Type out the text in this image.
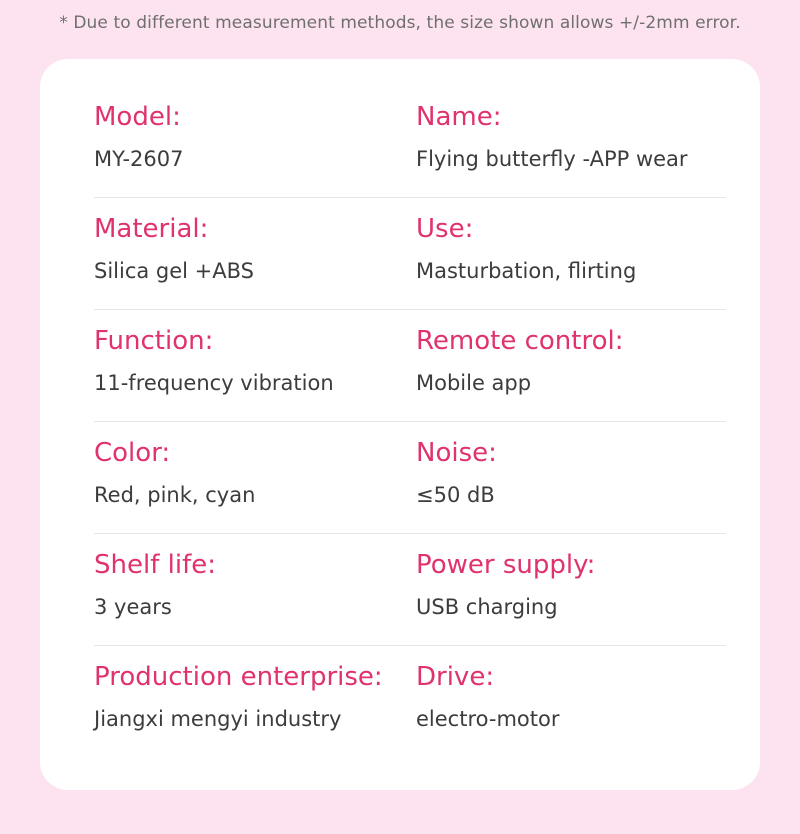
* Due to different measurement methods, the size shown allows +/-2mm error.
Model:
MY-2607
Name:
Flying butterfly -APP wear
Material:
Silica gel +ABS
Use:
Masturbation, flirting
Function:
11-frequency vibration
Remote control:
Mobile app
Color:
Red, pink, cyan
Noise:
≤50 dB
Shelf life:
3 years
Power supply:
USB charging
Production enterprise:
Jiangxi mengyi industry
Drive:
electro-motor
